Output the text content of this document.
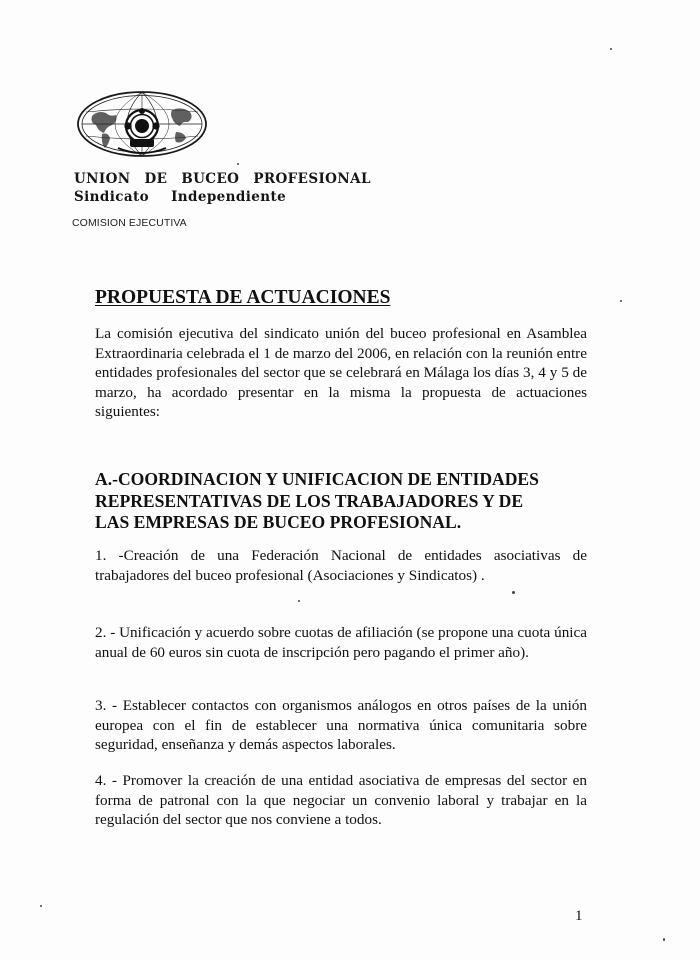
UNION DE BUCEO PROFESIONAL
Sindicato Independiente
COMISION EJECUTIVA
PROPUESTA DE ACTUACIONES

La comisión ejecutiva del sindicato unión del buceo profesional en Asamblea Extraordinaria celebrada el 1 de marzo del 2006, en relación con la reunión entre entidades profesionales del sector que se celebrará en Málaga los días 3, 4 y 5 de marzo, ha acordado presentar en la misma la propuesta de actuaciones siguientes:

A.-COORDINACION Y UNIFICACION DE ENTIDADES
REPRESENTATIVAS DE LOS TRABAJADORES Y DE
LAS EMPRESAS DE BUCEO PROFESIONAL.

1. -Creación de una Federación Nacional de entidades asociativas de trabajadores del buceo profesional (Asociaciones y Sindicatos) .

2. - Unificación y acuerdo sobre cuotas de afiliación (se propone una cuota única anual de 60 euros sin cuota de inscripción pero pagando el primer año).

3. - Establecer contactos con organismos análogos en otros países de la unión europea con el fin de establecer una normativa única comunitaria sobre seguridad, enseñanza y demás aspectos laborales.

4. - Promover la creación de una entidad asociativa de empresas del sector en forma de patronal con la que negociar un convenio laboral y trabajar en la regulación del sector que nos conviene a todos.

1
